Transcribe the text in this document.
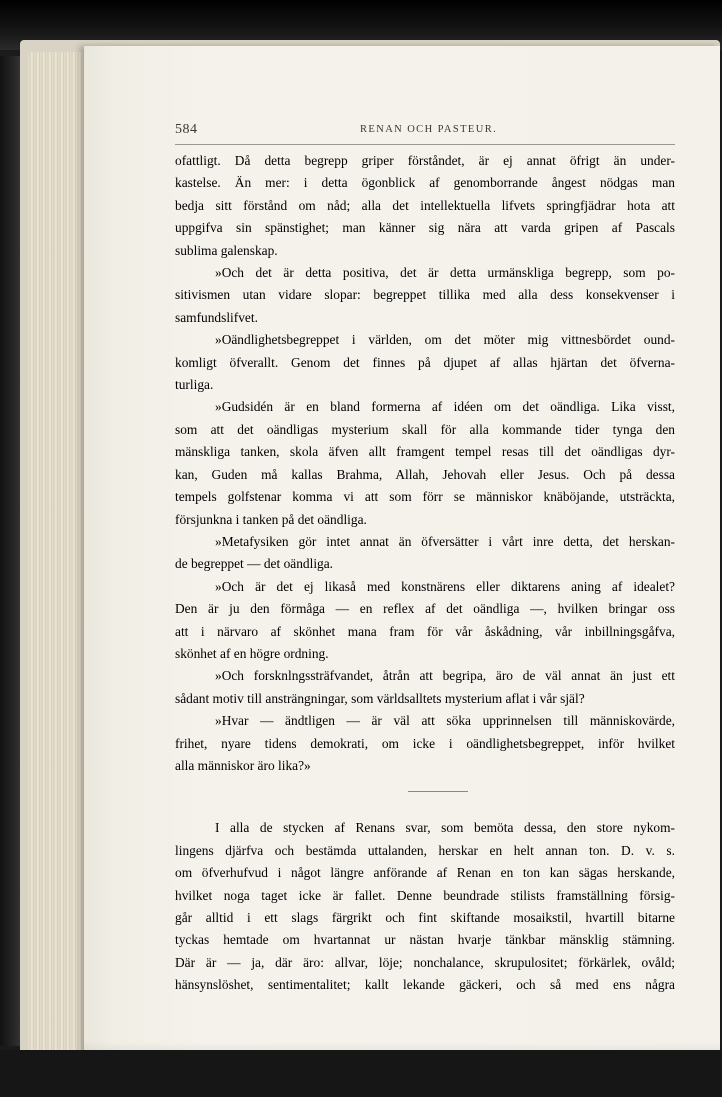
584	RENAN OCH PASTEUR.
ofattligt. Då detta begrepp griper förståndet, är ej annat öfrigt än under-
kastelse. Än mer: i detta ögonblick af genomborrande ångest nödgas man
bedja sitt förstånd om nåd; alla det intellektuella lifvets springfjädrar hota att
uppgifva sin spänstighet; man känner sig nära att varda gripen af Pascals
sublima galenskap.
»Och det är detta positiva, det är detta urmänskliga begrepp, som po-
sitivismen utan vidare slopar: begreppet tillika med alla dess konsekvenser i
samfundslifvet.
»Oändlighetsbegreppet i världen, om det möter mig vittnesbördet ound-
komligt öfverallt. Genom det finnes på djupet af allas hjärtan det öfverna-
turliga.
»Gudsidén är en bland formerna af idéen om det oändliga. Lika visst,
som att det oändligas mysterium skall för alla kommande tider tynga den
mänskliga tanken, skola äfven allt framgent tempel resas till det oändligas dyr-
kan, Guden må kallas Brahma, Allah, Jehovah eller Jesus. Och på dessa
tempels golfstenar komma vi att som förr se människor knäböjande, utsträckta,
försjunkna i tanken på det oändliga.
»Metafysiken gör intet annat än öfversätter i vårt inre detta, det herskan-
de begreppet — det oändliga.
»Och är det ej likaså med konstnärens eller diktarens aning af idealet?
Den är ju den förmåga — en reflex af det oändliga —, hvilken bringar oss
att i närvaro af skönhet mana fram för vår åskådning, vår inbillningsgåfva,
skönhet af en högre ordning.
»Och forsknlngssträfvandet, åtrån att begripa, äro de väl annat än just ett
sådant motiv till ansträngningar, som världsalltets mysterium aflat i vår själ?
»Hvar — ändtligen — är väl att söka upprinnelsen till människovärde,
frihet, nyare tidens demokrati, om icke i oändlighetsbegreppet, inför hvilket
alla människor äro lika?»
I alla de stycken af Renans svar, som bemöta dessa, den store nykom-
lingens djärfva och bestämda uttalanden, herskar en helt annan ton. D. v. s.
om öfverhufvud i något längre anförande af Renan en ton kan sägas herskande,
hvilket noga taget icke är fallet. Denne beundrade stilists framställning försig-
går alltid i ett slags färgrikt och fint skiftande mosaikstil, hvartill bitarne
tyckas hemtade om hvartannat ur nästan hvarje tänkbar mänsklig stämning.
Där är — ja, där äro: allvar, löje; nonchalance, skrupulositet; förkärlek, ovåld;
hänsynslöshet, sentimentalitet; kallt lekande gäckeri, och så med ens några
